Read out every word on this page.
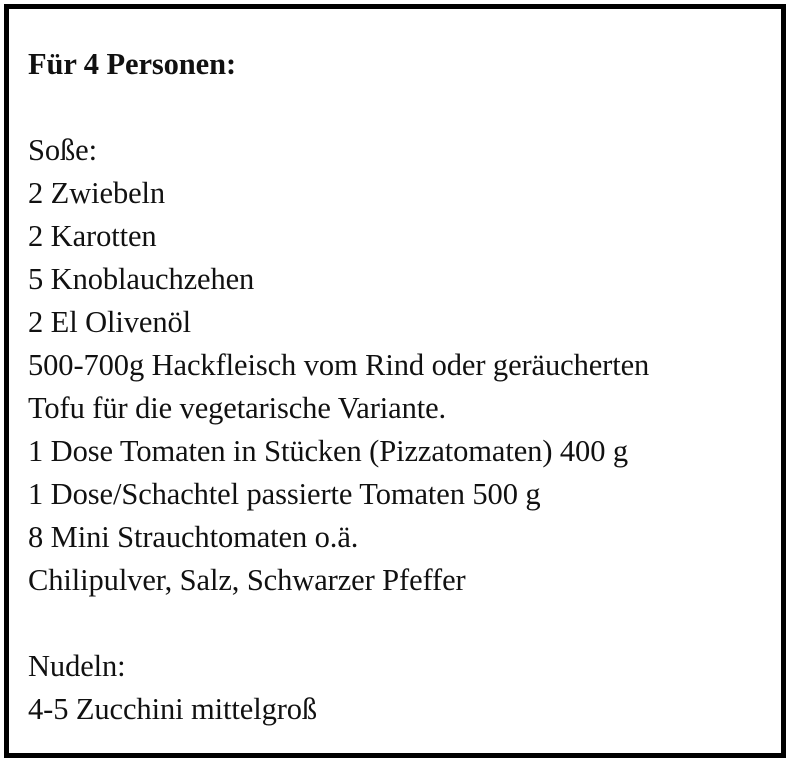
Für 4 Personen:
Soße:
2 Zwiebeln
2 Karotten
5 Knoblauchzehen
2 El Olivenöl
500-700g Hackfleisch vom Rind oder geräucherten
Tofu für die vegetarische Variante.
1 Dose Tomaten in Stücken (Pizzatomaten) 400 g
1 Dose/Schachtel passierte Tomaten 500 g
8 Mini Strauchtomaten o.ä.
Chilipulver, Salz, Schwarzer Pfeffer
Nudeln:
4-5 Zucchini mittelgroß
